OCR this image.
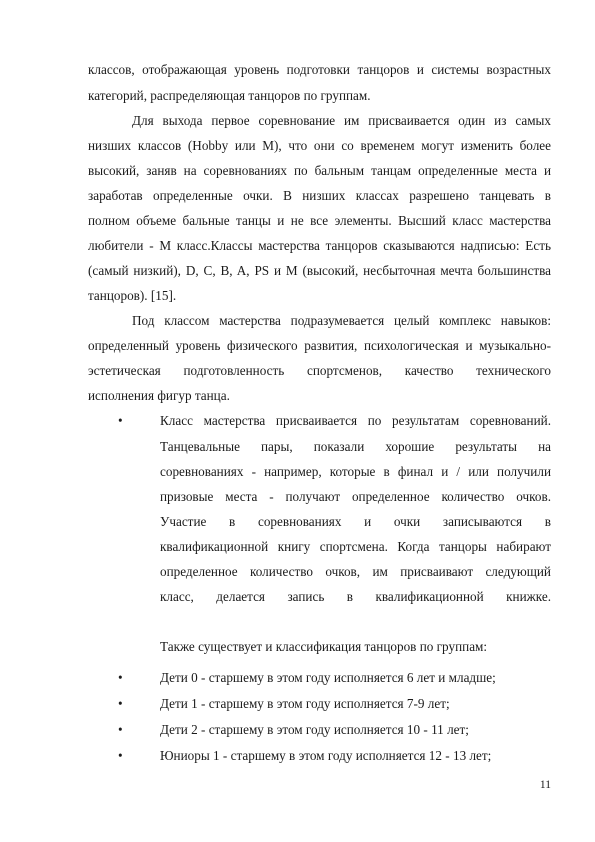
классов, отображающая уровень подготовки танцоров и системы возрастных
категорий, распределяющая танцоров по группам.
Для выхода первое соревнование им присваивается один из самых
низших классов (Hobby или M), что они со временем могут изменить более
высокий, заняв на соревнованиях по бальным танцам определенные места и
заработав определенные очки. В низших классах разрешено танцевать в
полном объеме бальные танцы и не все элементы. Высший класс мастерства
любители - M класс.Классы мастерства танцоров сказываются надписью: Есть
(самый низкий), D, C, B, A, PS и M (высокий, несбыточная мечта большинства
танцоров). [15].
Под классом мастерства подразумевается целый комплекс навыков:
определенный уровень физического развития, психологическая и музыкально-
эстетическая подготовленность спортсменов, качество технического
исполнения фигур танца.
•	Класс мастерства присваивается по результатам соревнований.
Танцевальные пары, показали хорошие результаты на
соревнованиях - например, которые в финал и / или получили
призовые места - получают определенное количество очков.
Участие в соревнованиях и очки записываются в
квалификационной книгу спортсмена. Когда танцоры набирают
определенное количество очков, им присваивают следующий
класс, делается запись в квалификационной книжке.
Также существует и классификация танцоров по группам:
•	Дети 0 - старшему в этом году исполняется 6 лет и младше;
•	Дети 1 - старшему в этом году исполняется 7-9 лет;
•	Дети 2 - старшему в этом году исполняется 10 - 11 лет;
•	Юниоры 1 - старшему в этом году исполняется 12 - 13 лет;
11
